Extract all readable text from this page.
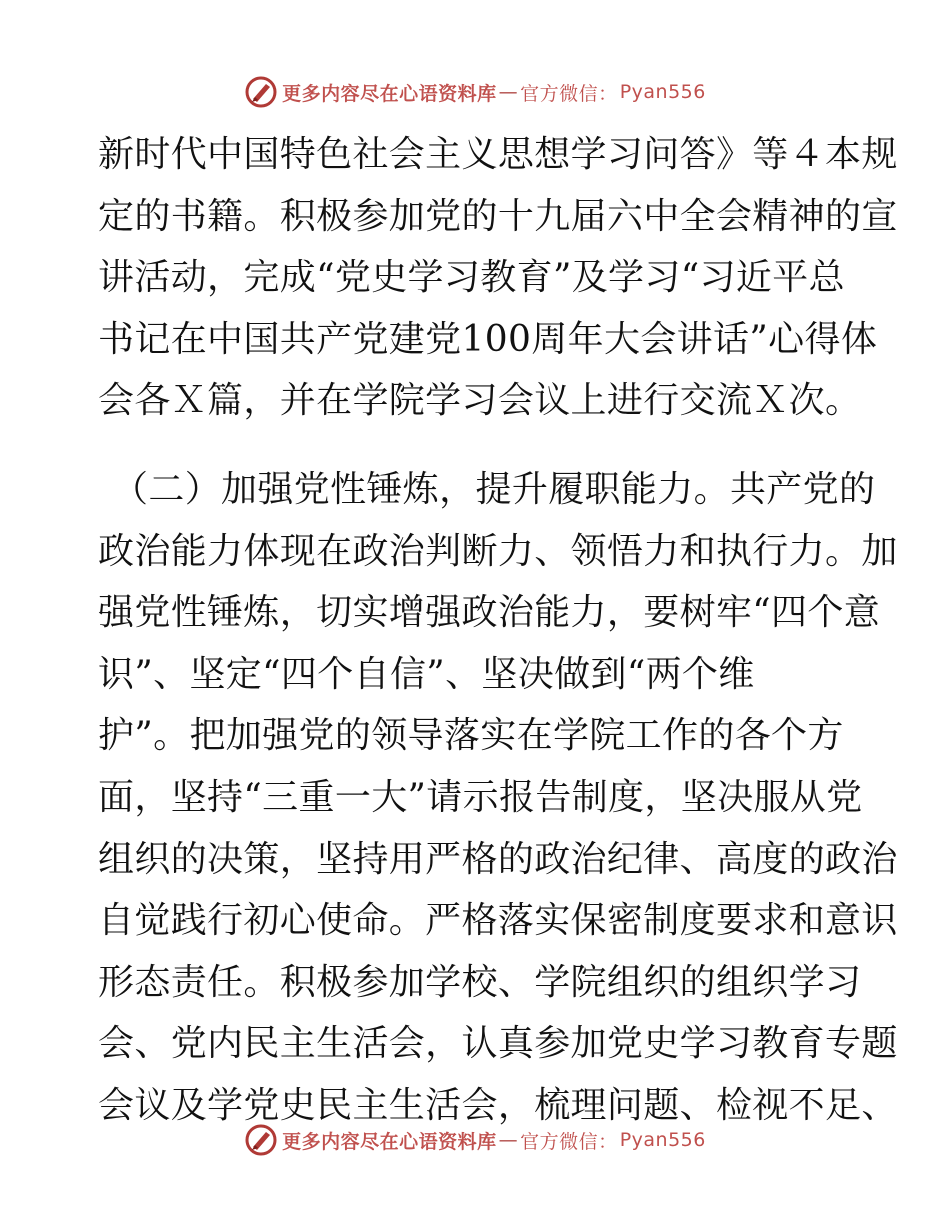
更多内容尽在心语资料库 — 官方微信： Pyan556
新时代中国特色社会主义思想学习问答》等４本规
定的书籍。积极参加党的十九届六中全会精神的宣
讲活动，完成“党史学习教育”及学习“习近平总
书记在中国共产党建党100周年大会讲话”心得体
会各Ｘ篇，并在学院学习会议上进行交流Ｘ次。
（二）加强党性锤炼，提升履职能力。共产党的
政治能力体现在政治判断力、领悟力和执行力。加
强党性锤炼，切实增强政治能力，要树牢“四个意
识”、坚定“四个自信”、坚决做到“两个维
护”。把加强党的领导落实在学院工作的各个方
面，坚持“三重一大”请示报告制度，坚决服从党
组织的决策，坚持用严格的政治纪律、高度的政治
自觉践行初心使命。严格落实保密制度要求和意识
形态责任。积极参加学校、学院组织的组织学习
会、党内民主生活会，认真参加党史学习教育专题
会议及学党史民主生活会，梳理问题、检视不足、
更多内容尽在心语资料库 — 官方微信： Pyan556
